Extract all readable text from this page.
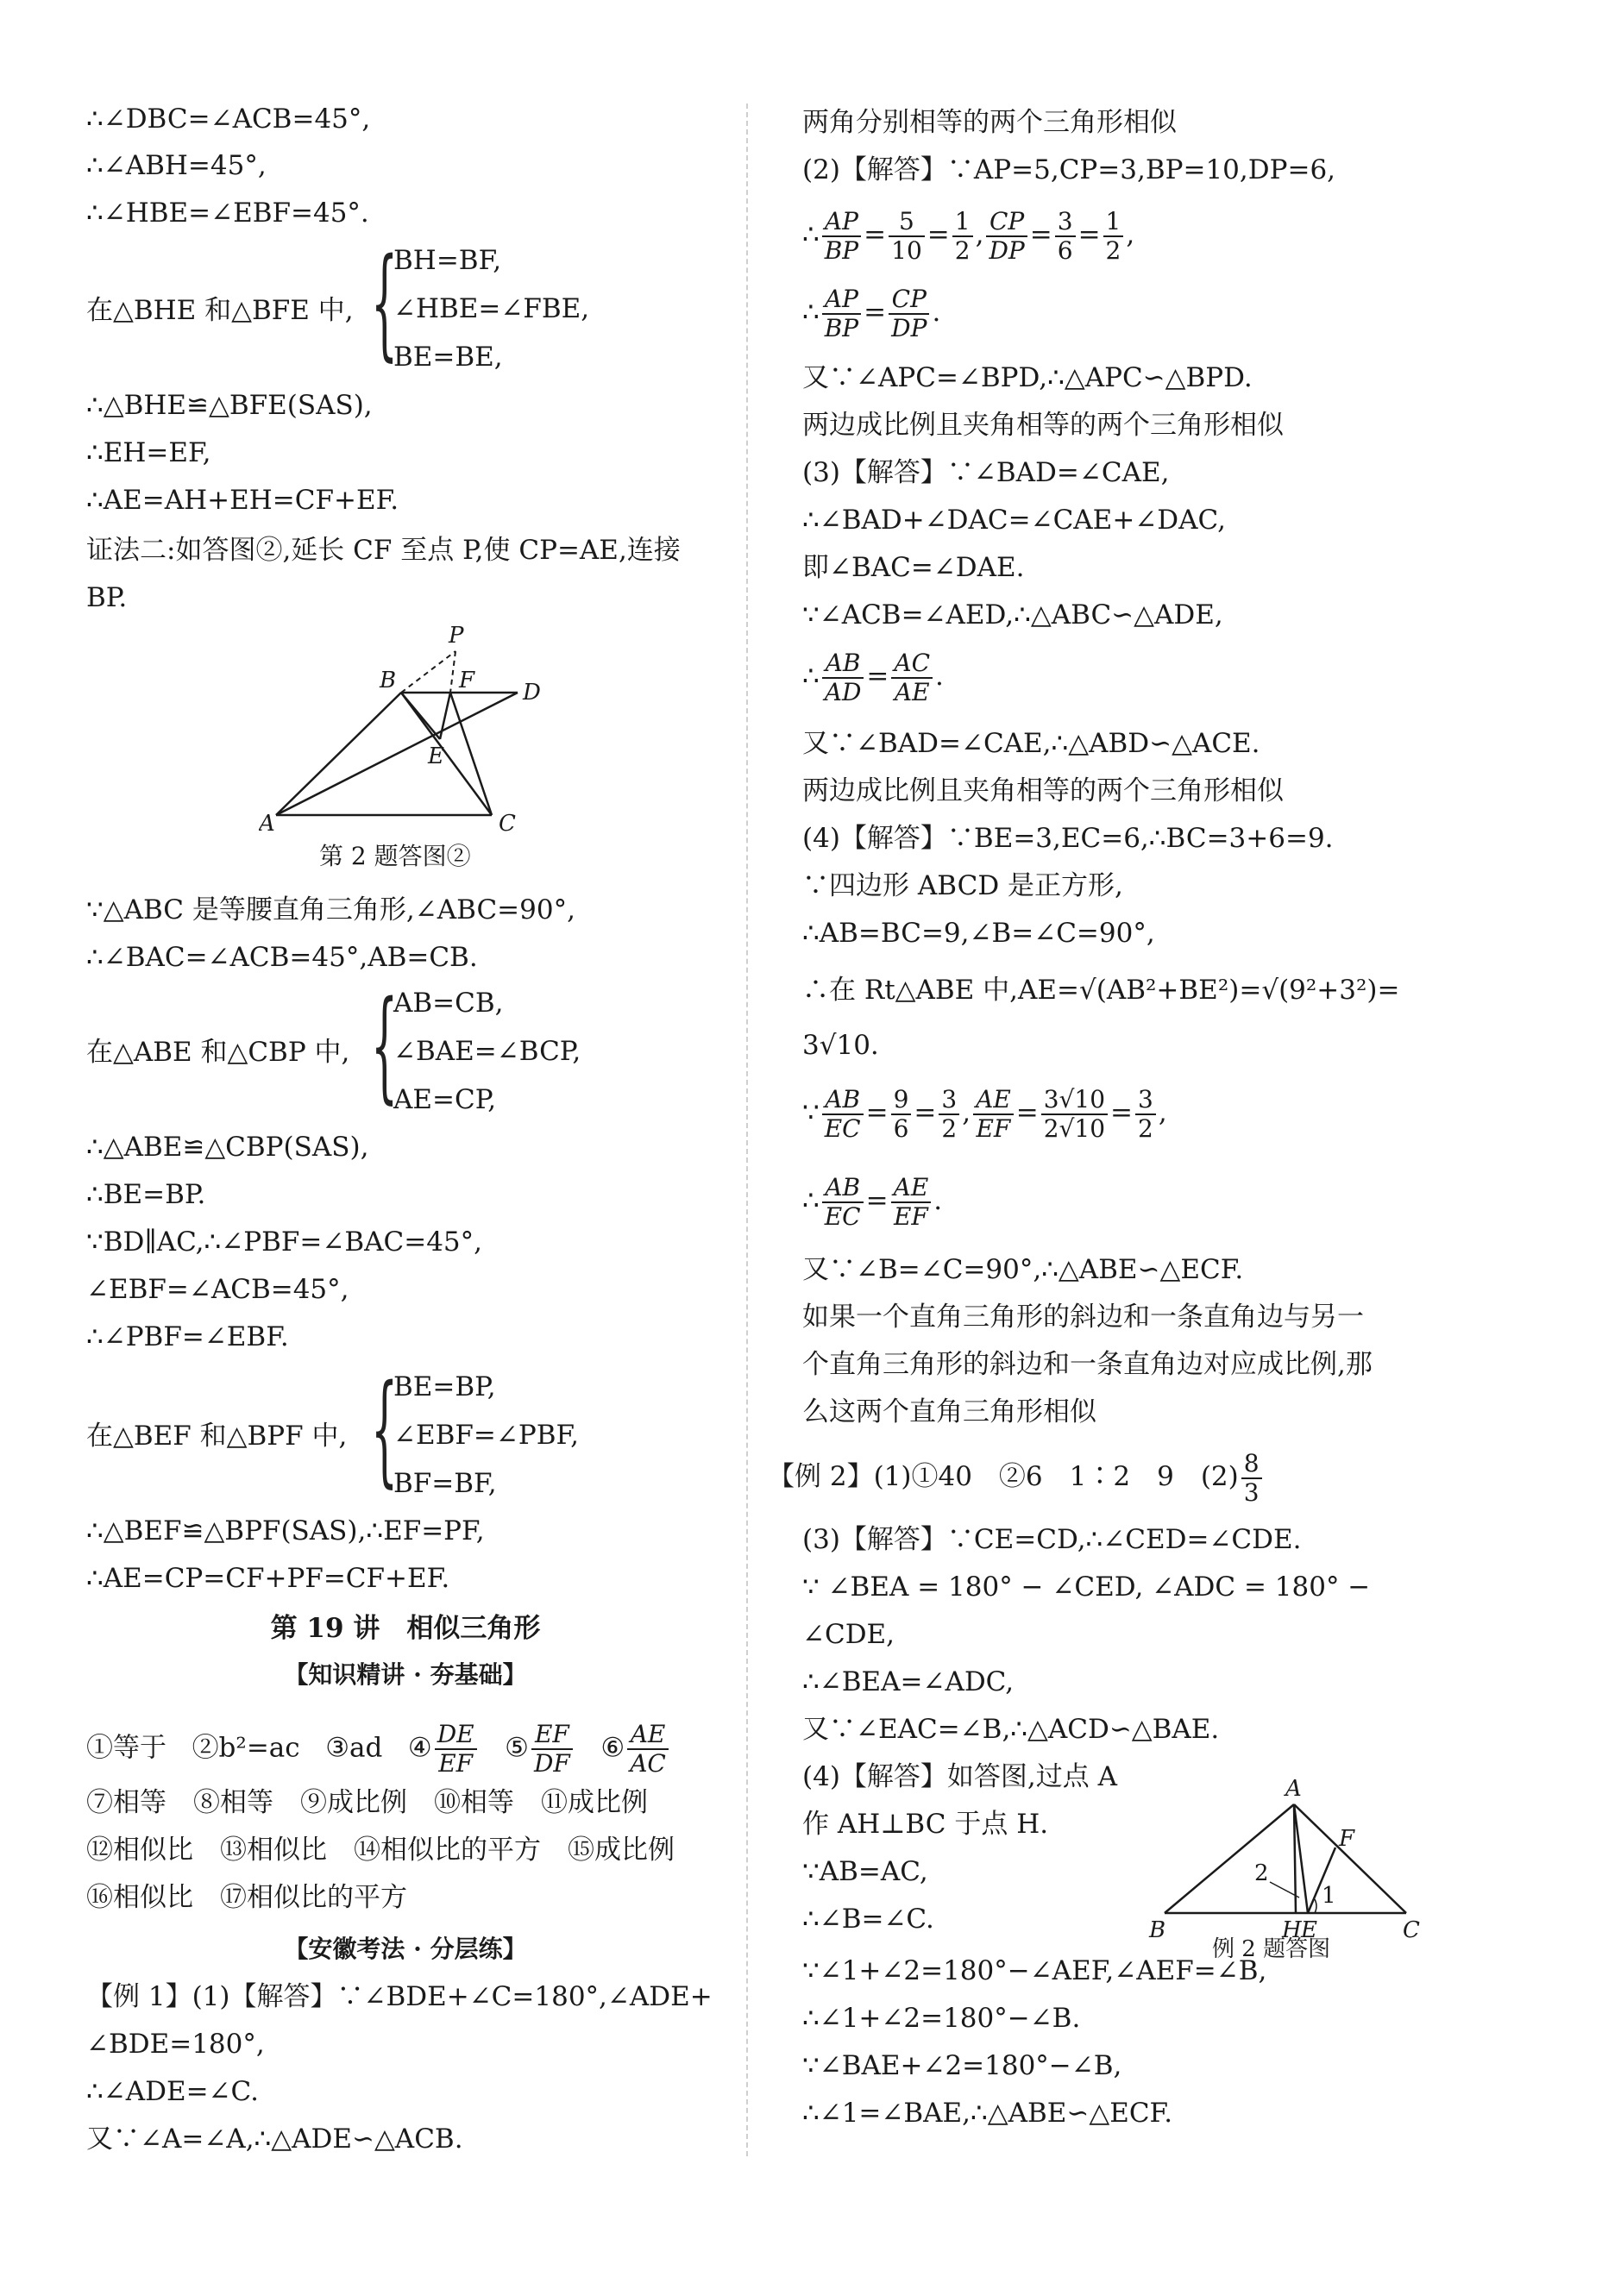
∴∠DBC=∠ACB=45°,
∴∠ABH=45°,
∴∠HBE=∠EBF=45°.
在△BHE 和△BFE 中, {
BH=BF,
∠HBE=∠FBE,
BE=BE,
∴△BHE≌△BFE(SAS),
∴EH=EF,
∴AE=AH+EH=CF+EF.
证法二:如答图②,延长 CF 至点 P,使 CP=AE,连接
BP.
P
B	F D
E
A	C
第 2 题答图②
∵△ABC 是等腰直角三角形,∠ABC=90°,
∴∠BAC=∠ACB=45°,AB=CB.
在△ABE 和△CBP 中, {
AB=CB,
∠BAE=∠BCP,
AE=CP,
∴△ABE≌△CBP(SAS),
∴BE=BP.
∵BD∥AC,∴∠PBF=∠BAC=45°,
∠EBF=∠ACB=45°,
∴∠PBF=∠EBF.
在△BEF 和△BPF 中, {
BE=BP,
∠EBF=∠PBF,
BF=BF,
∴△BEF≌△BPF(SAS),∴EF=PF,
∴AE=CP=CF+PF=CF+EF.
第 19 讲　相似三角形
【知识精讲 · 夯基础】
①等于 ②b²=ac ③ad ④ $\frac{DE}{EF}$ ⑤ $\frac{EF}{DF}$ ⑥ $\frac{AE}{AC}$
⑦相等　⑧相等　⑨成比例　⑩相等　⑪成比例
⑫相似比　⑬相似比　⑭相似比的平方　⑮成比例
⑯相似比　⑰相似比的平方
【安徽考法 · 分层练】
【例 1】(1)【解答】∵∠BDE+∠C=180°,∠ADE+
∠BDE=180°,
∴∠ADE=∠C.
又∵∠A=∠A,∴△ADE∽△ACB.
两角分别相等的两个三角形相似
(2)【解答】∵AP=5,CP=3,BP=10,DP=6,
∴ $\frac{AP}{BP} = \frac{5}{10} = \frac{1}{2}$ , $\frac{CP}{DP} = \frac{3}{6} = \frac{1}{2}$ ,
∴ $\frac{AP}{BP} = \frac{CP}{DP}$ .
又∵∠APC=∠BPD,∴△APC∽△BPD.
两边成比例且夹角相等的两个三角形相似
(3)【解答】∵∠BAD=∠CAE,
∴∠BAD+∠DAC=∠CAE+∠DAC,
即∠BAC=∠DAE.
∵∠ACB=∠AED,∴△ABC∽△ADE,
∴ $\frac{AB}{AD} = \frac{AC}{AE}$ .
又∵∠BAD=∠CAE,∴△ABD∽△ACE.
两边成比例且夹角相等的两个三角形相似
(4)【解答】∵BE=3,EC=6,∴BC=3+6=9.
∵四边形 ABCD 是正方形,
∴AB=BC=9,∠B=∠C=90°,
∴在 Rt△ABE 中,AE=√(AB²+BE²)=√(9²+3²)=
3√10.
∵ $\frac{AB}{EC} = \frac{9}{6} = \frac{3}{2}$ , $\frac{AE}{EF} = \frac{3√10}{2√10} = \frac{3}{2}$ ,
∴ $\frac{AB}{EC} = \frac{AE}{EF}$ .
又∵∠B=∠C=90°,∴△ABE∽△ECF.
如果一个直角三角形的斜边和一条直角边与另一
个直角三角形的斜边和一条直角边对应成比例,那
么这两个直角三角形相似
【例 2】(1)①40　②6　1∶2　9　$(2) \frac{8}{3}$
(3)【解答】∵CE=CD,∴∠CED=∠CDE.
∵ ∠BEA = 180° − ∠CED, ∠ADC = 180° −
∠CDE,
∴∠BEA=∠ADC,
又∵∠EAC=∠B,∴△ACD∽△BAE.
(4)【解答】如答图,过点 A
作 AH⊥BC 于点 H.
∵AB=AC,
∴∠B=∠C.
A
F
2
1
B	H E	C
例 2 题答图
∵∠1+∠2=180°−∠AEF,∠AEF=∠B,
∴∠1+∠2=180°−∠B.
∵∠BAE+∠2=180°−∠B,
∴∠1=∠BAE,∴△ABE∽△ECF.
